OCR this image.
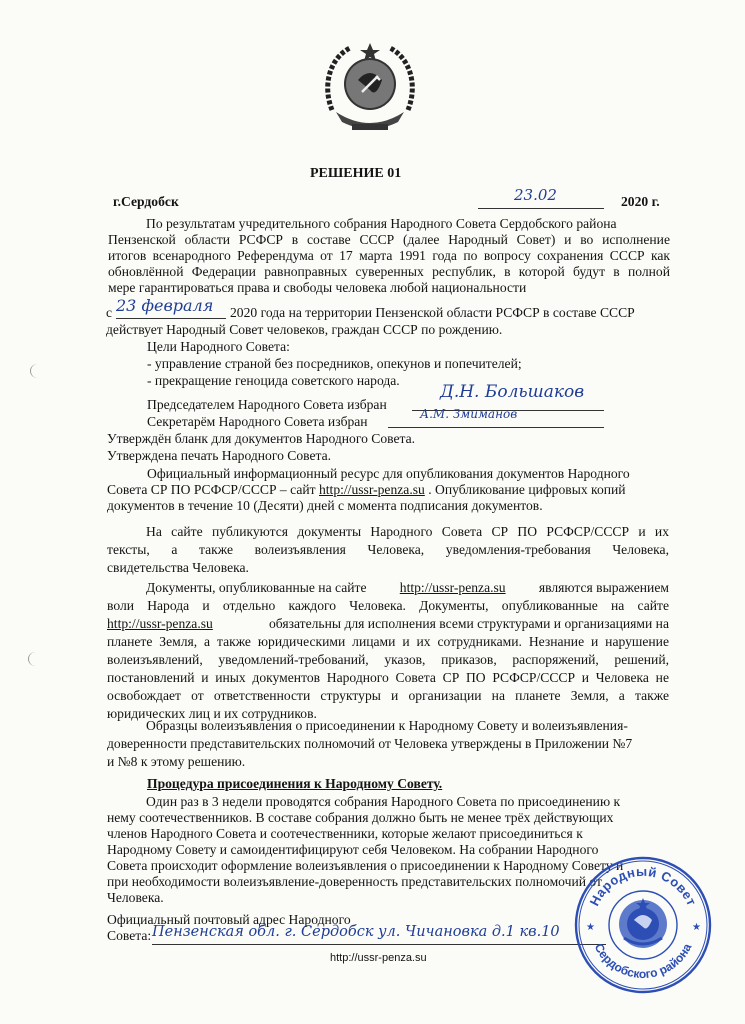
РЕШЕНИЕ 01
г.Сердобск	23.02	2020 г.
По результатам учредительного собрания Народного Совета Сердобского района
Пензенской области РСФСР в составе СССР (далее Народный Совет) и во исполнение
итогов всенародного Референдума от 17 марта 1991 года по вопросу сохранения СССР как
обновлённой Федерации равноправных суверенных республик, в которой будут в полной
мере гарантироваться права и свободы человека любой национальности
с 23 февраля 2020 года на территории Пензенской области РСФСР в составе СССР
действует Народный Совет человеков, граждан СССР по рождению.
Цели Народного Совета:
- управление страной без посредников, опекунов и попечителей;
- прекращение геноцида советского народа.
Председателем Народного Совета избран
Д.Н. Большаков
Секретарём Народного Совета избран	А.М. Змиманов
Утверждён бланк для документов Народного Совета.
Утверждена печать Народного Совета.
Официальный информационный ресурс для опубликования документов Народного
Совета СР ПО РСФСР/СССР – сайт http://ussr-penza.su . Опубликование цифровых копий
документов в течение 10 (Десяти) дней с момента подписания документов.
На сайте публикуются документы Народного Совета СР ПО РСФСР/СССР и их
тексты, а также волеизъявления Человека, уведомления-требования Человека,
свидетельства Человека.
Документы, опубликованные на сайте http://ussr-penza.su являются выражением
воли Народа и отдельно каждого Человека. Документы, опубликованные на сайте
http://ussr-penza.su	обязательны для исполнения всеми структурами и организациями на
планете Земля, а также юридическими лицами и их сотрудниками. Незнание и нарушение
волеизъявлений, уведомлений-требований, указов, приказов, распоряжений, решений,
постановлений и иных документов Народного Совета СР ПО РСФСР/СССР и Человека не
освобождает от ответственности структуры и организации на планете Земля, а также
юридических лиц и их сотрудников.
Образцы волеизъявления о присоединении к Народному Совету и волеизъявления-
доверенности представительских полномочий от Человека утверждены в Приложении №7
и №8 к этому решению.
Процедура присоединения к Народному Совету.
Один раз в 3 недели проводятся собрания Народного Совета по присоединению к
нему соотечественников. В составе собрания должно быть не менее трёх действующих
членов Народного Совета и соотечественники, которые желают присоединиться к
Народному Совету и самоидентифицируют себя Человеком. На собрании Народного
Совета происходит оформление волеизъявления о присоединении к Народному Совету и
при необходимости волеизъявление-доверенность представительских полномочий от
Человека.
Официальный почтовый адрес Народного
Совета: Пензенская обл. г. Сердобск ул. Чичановка д.1 кв.10
http://ussr-penza.su
Народный Совет
Сердобского района
★	★
